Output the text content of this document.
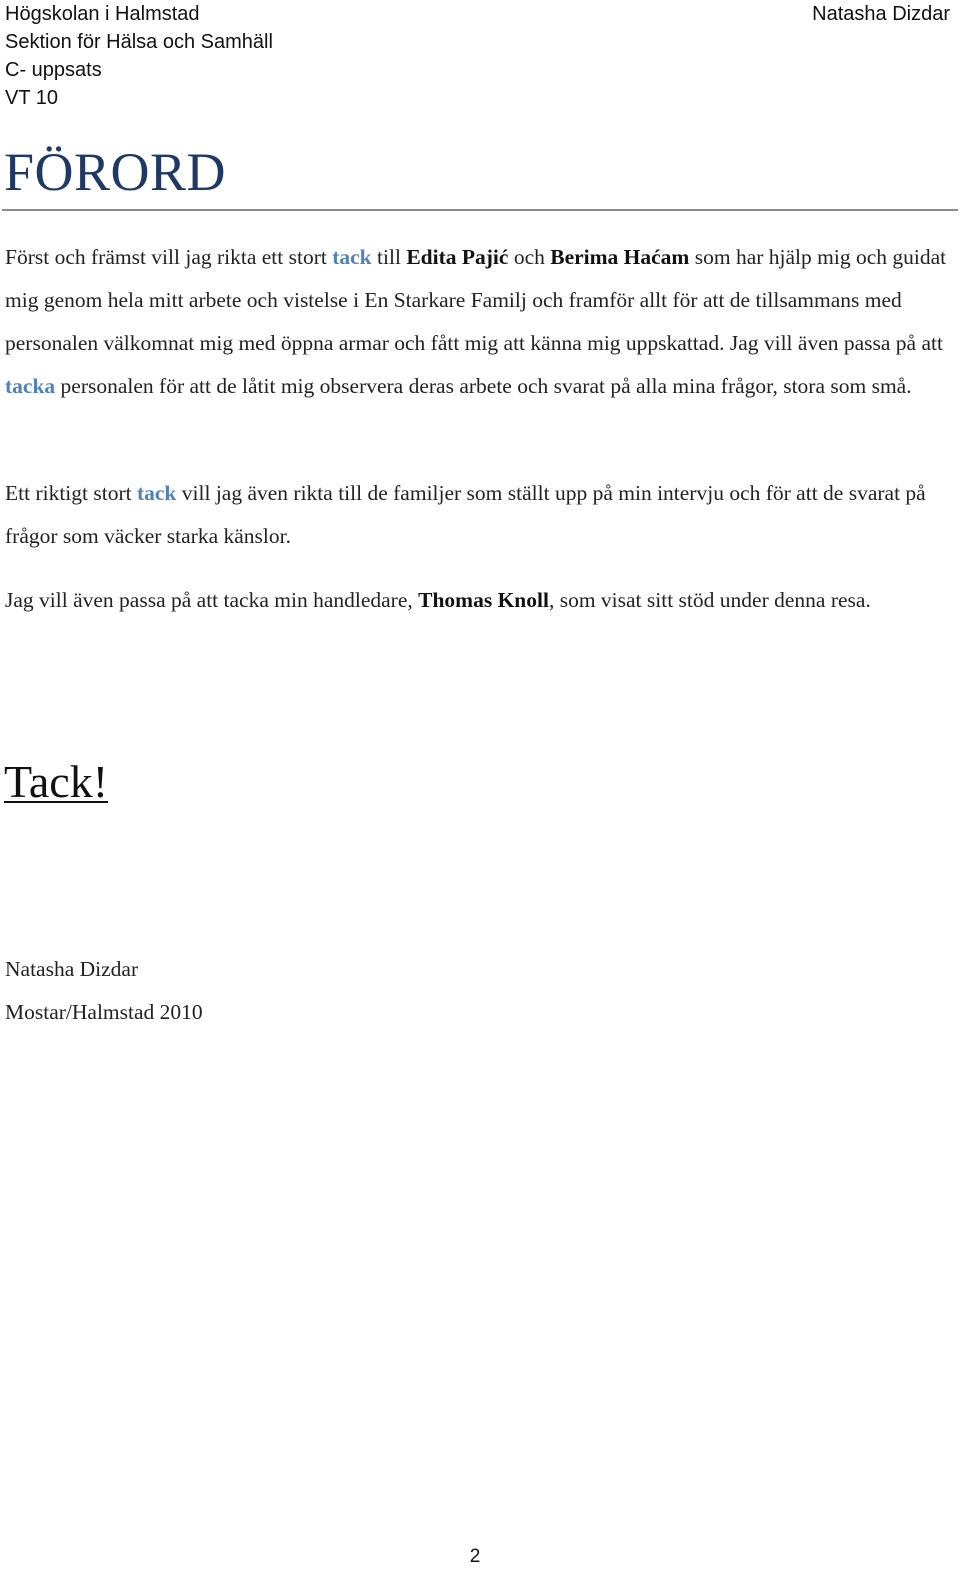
Högskolan i Halmstad
Sektion för Hälsa och Samhäll
C- uppsats
VT 10
Natasha Dizdar
FÖRORD

Först och främst vill jag rikta ett stort tack till Edita Pajić och Berima Haćam som har hjälp mig och guidat mig genom hela mitt arbete och vistelse i En Starkare Familj och framför allt för att de tillsammans med personalen välkomnat mig med öppna armar och fått mig att känna mig uppskattad. Jag vill även passa på att tacka personalen för att de låtit mig observera deras arbete och svarat på alla mina frågor, stora som små.

Ett riktigt stort tack vill jag även rikta till de familjer som ställt upp på min intervju och för att de svarat på frågor som väcker starka känslor.

Jag vill även passa på att tacka min handledare, Thomas Knoll, som visat sitt stöd under denna resa.

Tack!
Natasha Dizdar
Mostar/Halmstad 2010
2
